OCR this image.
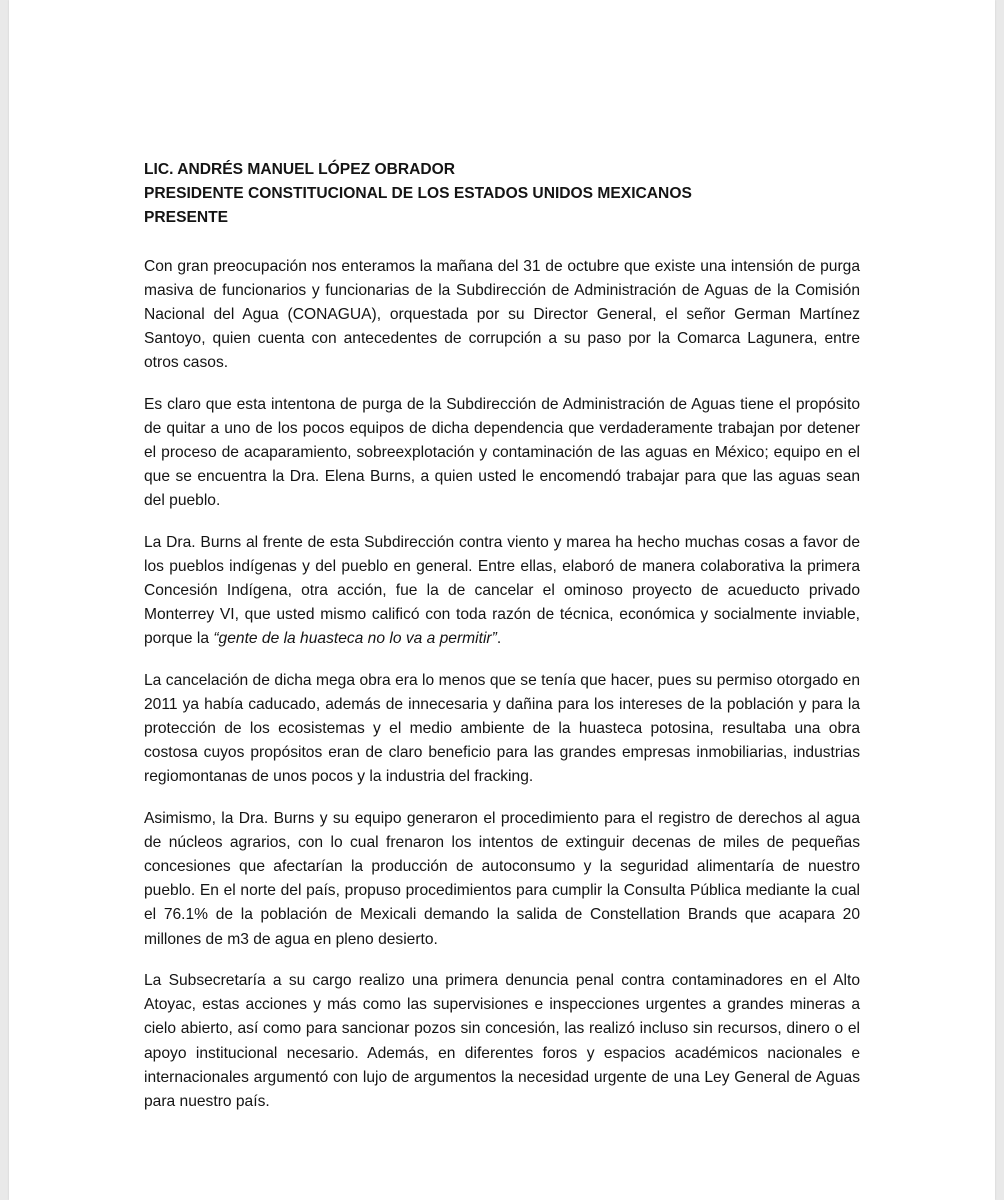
LIC. ANDRÉS MANUEL LÓPEZ OBRADOR
PRESIDENTE CONSTITUCIONAL DE LOS ESTADOS UNIDOS MEXICANOS
PRESENTE

Con gran preocupación nos enteramos la mañana del 31 de octubre que existe una intensión de purga masiva de funcionarios y funcionarias de la Subdirección de Administración de Aguas de la Comisión Nacional del Agua (CONAGUA), orquestada por su Director General, el señor German Martínez Santoyo, quien cuenta con antecedentes de corrupción a su paso por la Comarca Lagunera, entre otros casos.

Es claro que esta intentona de purga de la Subdirección de Administración de Aguas tiene el propósito de quitar a uno de los pocos equipos de dicha dependencia que verdaderamente trabajan por detener el proceso de acaparamiento, sobreexplotación y contaminación de las aguas en México; equipo en el que se encuentra la Dra. Elena Burns, a quien usted le encomendó trabajar para que las aguas sean del pueblo.

La Dra. Burns al frente de esta Subdirección contra viento y marea ha hecho muchas cosas a favor de los pueblos indígenas y del pueblo en general. Entre ellas, elaboró de manera colaborativa la primera Concesión Indígena, otra acción, fue la de cancelar el ominoso proyecto de acueducto privado Monterrey VI, que usted mismo calificó con toda razón de técnica, económica y socialmente inviable, porque la “gente de la huasteca no lo va a permitir”.

La cancelación de dicha mega obra era lo menos que se tenía que hacer, pues su permiso otorgado en 2011 ya había caducado, además de innecesaria y dañina para los intereses de la población y para la protección de los ecosistemas y el medio ambiente de la huasteca potosina, resultaba una obra costosa cuyos propósitos eran de claro beneficio para las grandes empresas inmobiliarias, industrias regiomontanas de unos pocos y la industria del fracking.

Asimismo, la Dra. Burns y su equipo generaron el procedimiento para el registro de derechos al agua de núcleos agrarios, con lo cual frenaron los intentos de extinguir decenas de miles de pequeñas concesiones que afectarían la producción de autoconsumo y la seguridad alimentaría de nuestro pueblo. En el norte del país, propuso procedimientos para cumplir la Consulta Pública mediante la cual el 76.1% de la población de Mexicali demando la salida de Constellation Brands que acapara 20 millones de m3 de agua en pleno desierto.

La Subsecretaría a su cargo realizo una primera denuncia penal contra contaminadores en el Alto Atoyac, estas acciones y más como las supervisiones e inspecciones urgentes a grandes mineras a cielo abierto, así como para sancionar pozos sin concesión, las realizó incluso sin recursos, dinero o el apoyo institucional necesario. Además, en diferentes foros y espacios académicos nacionales e internacionales argumentó con lujo de argumentos la necesidad urgente de una Ley General de Aguas para nuestro país.
